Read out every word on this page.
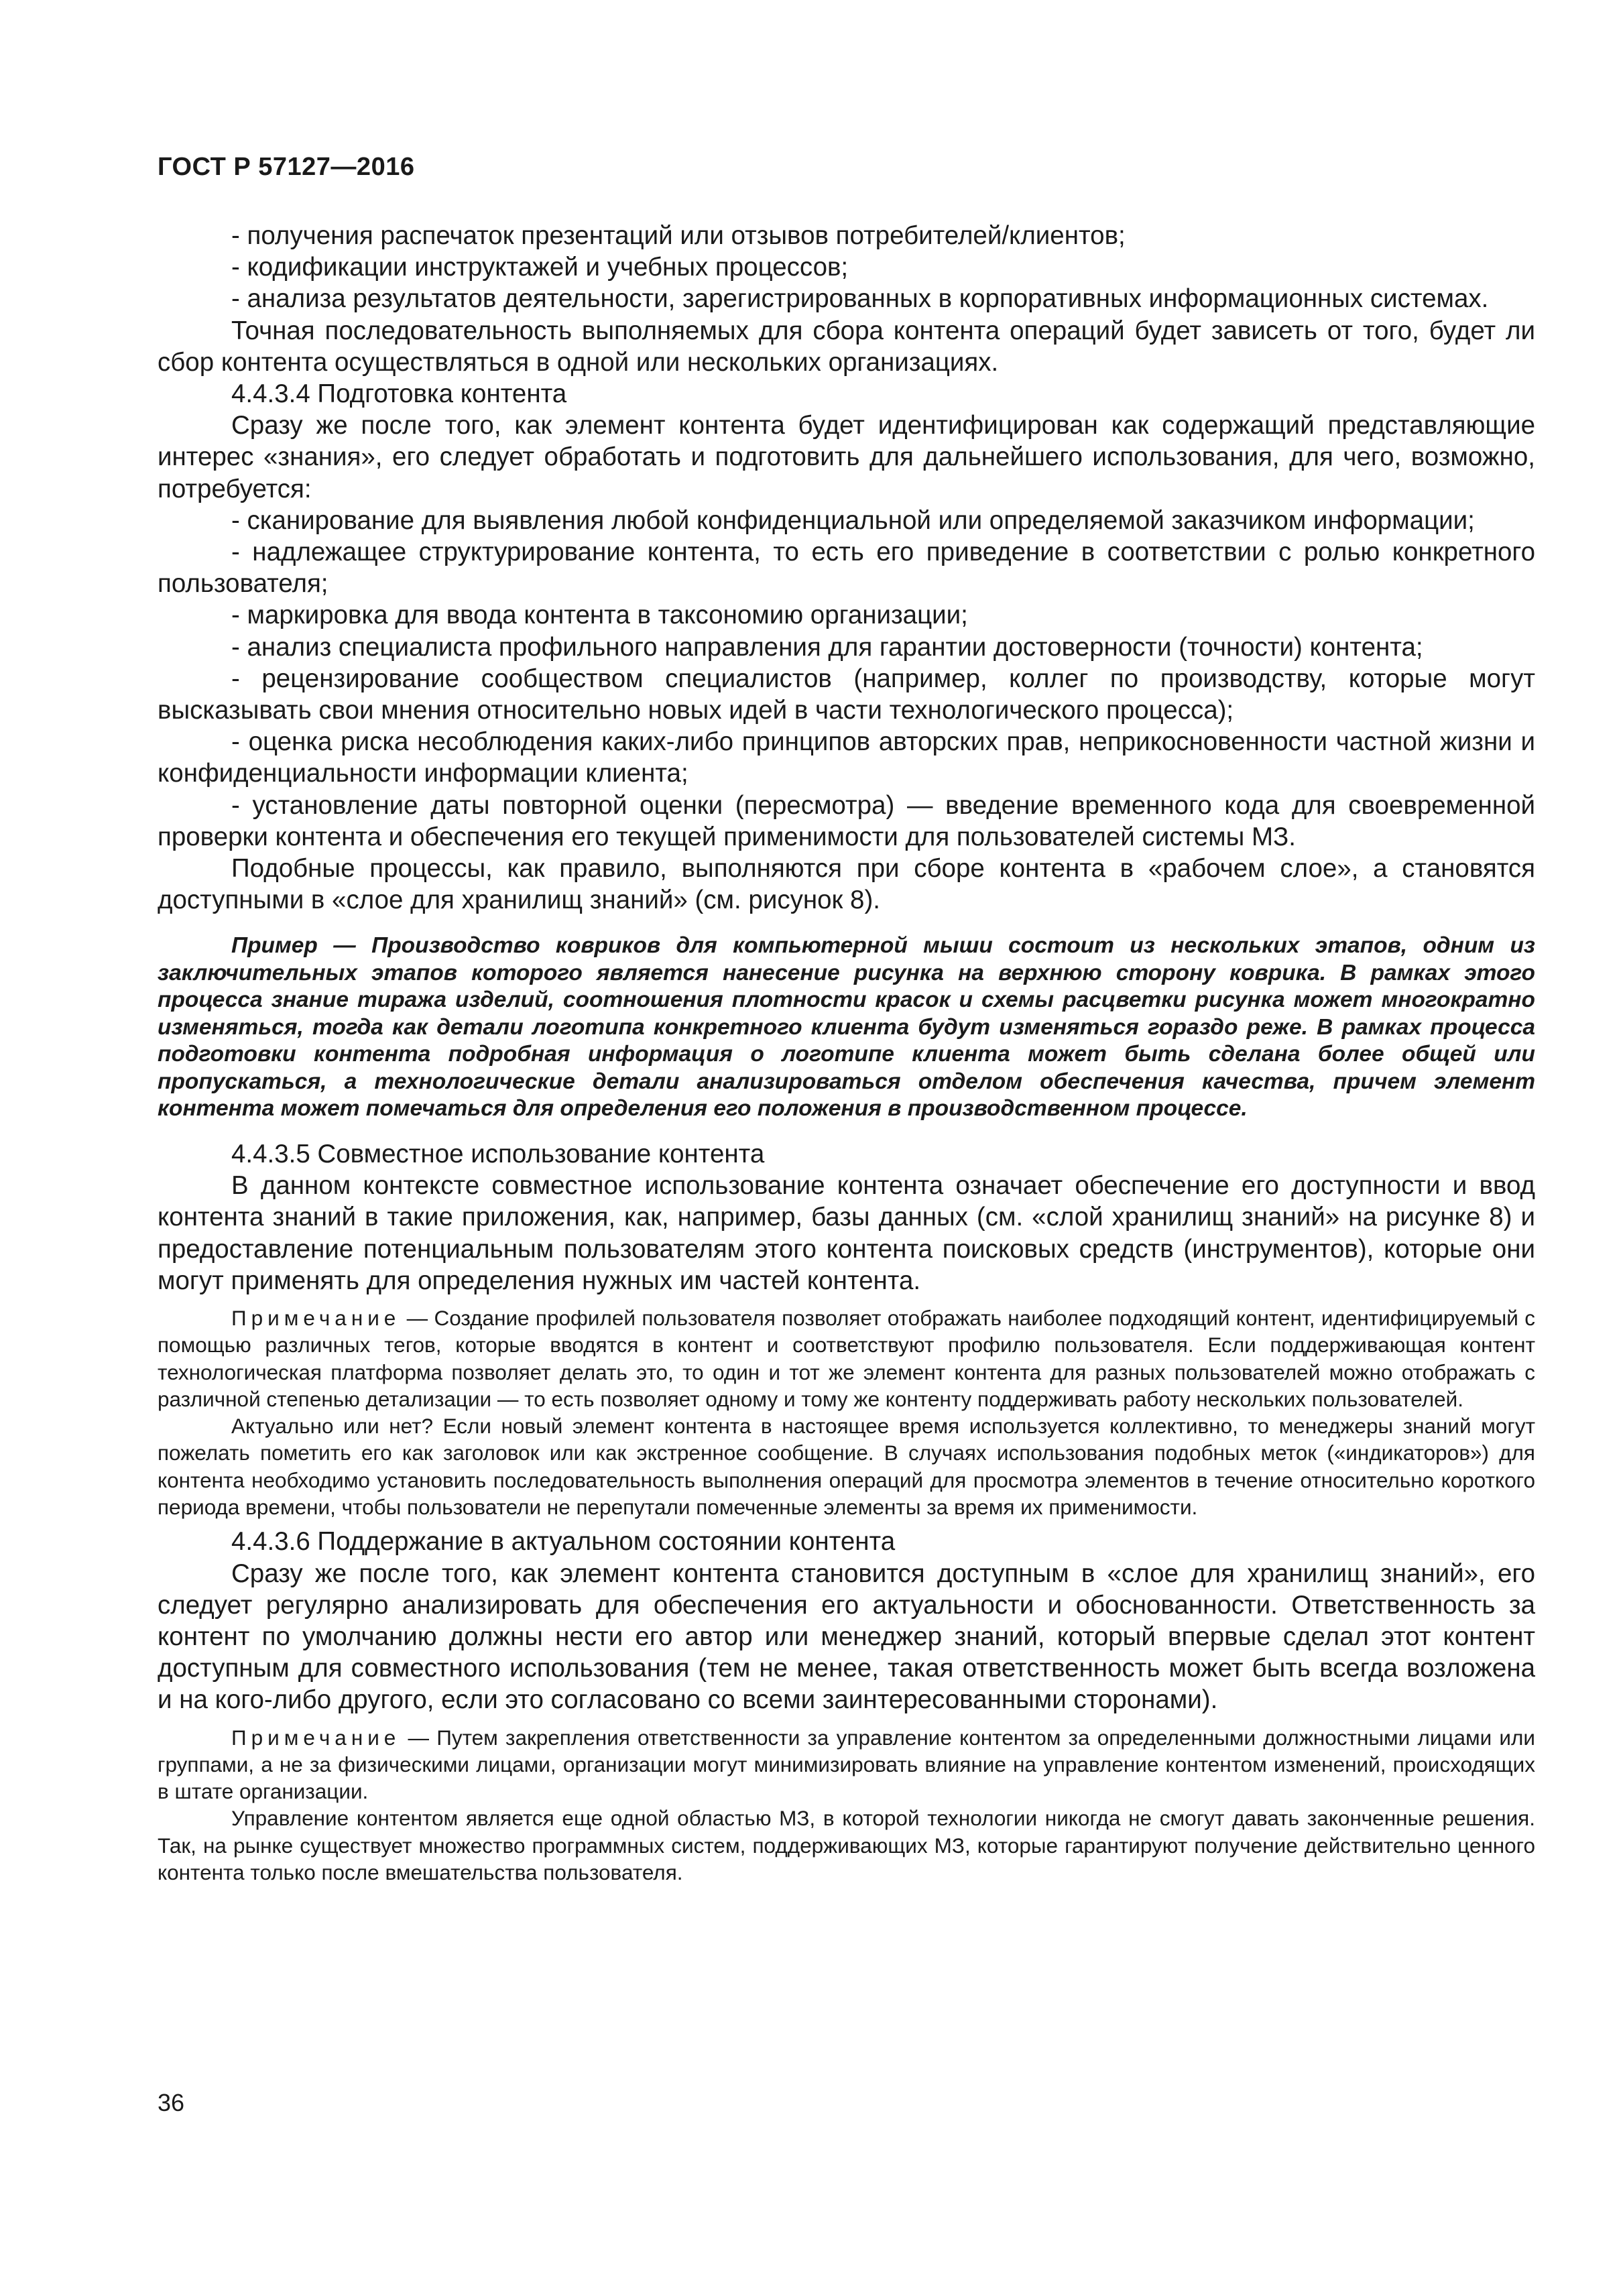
ГОСТ Р 57127—2016

- получения распечаток презентаций или отзывов потребителей/клиентов;

- кодификации инструктажей и учебных процессов;

- анализа результатов деятельности, зарегистрированных в корпоративных информационных системах.

Точная последовательность выполняемых для сбора контента операций будет зависеть от того, будет ли сбор контента осуществляться в одной или нескольких организациях.

4.4.3.4 Подготовка контента

Сразу же после того, как элемент контента будет идентифицирован как содержащий представляющие интерес «знания», его следует обработать и подготовить для дальнейшего использования, для чего, возможно, потребуется:

- сканирование для выявления любой конфиденциальной или определяемой заказчиком информации;

- надлежащее структурирование контента, то есть его приведение в соответствии с ролью конкретного пользователя;

- маркировка для ввода контента в таксономию организации;

- анализ специалиста профильного направления для гарантии достоверности (точности) контента;

- рецензирование сообществом специалистов (например, коллег по производству, которые могут высказывать свои мнения относительно новых идей в части технологического процесса);

- оценка риска несоблюдения каких-либо принципов авторских прав, неприкосновенности частной жизни и конфиденциальности информации клиента;

- установление даты повторной оценки (пересмотра) — введение временного кода для своевременной проверки контента и обеспечения его текущей применимости для пользователей системы МЗ.

Подобные процессы, как правило, выполняются при сборе контента в «рабочем слое», а становятся доступными в «слое для хранилищ знаний» (см. рисунок 8).

Пример — Производство ковриков для компьютерной мыши состоит из нескольких этапов, одним из заключительных этапов которого является нанесение рисунка на верхнюю сторону коврика. В рамках этого процесса знание тиража изделий, соотношения плотности красок и схемы расцветки рисунка может многократно изменяться, тогда как детали логотипа конкретного клиента будут изменяться гораздо реже. В рамках процесса подготовки контента подробная информация о логотипе клиента может быть сделана более общей или пропускаться, а технологические детали анализироваться отделом обеспечения качества, причем элемент контента может помечаться для определения его положения в производственном процессе.

4.4.3.5 Совместное использование контента

В данном контексте совместное использование контента означает обеспечение его доступности и ввод контента знаний в такие приложения, как, например, базы данных (см. «слой хранилищ знаний» на рисунке 8) и предоставление потенциальным пользователям этого контента поисковых средств (инструментов), которые они могут применять для определения нужных им частей контента.

Примечание — Создание профилей пользователя позволяет отображать наиболее подходящий контент, идентифицируемый с помощью различных тегов, которые вводятся в контент и соответствуют профилю пользователя. Если поддерживающая контент технологическая платформа позволяет делать это, то один и тот же элемент контента для разных пользователей можно отображать с различной степенью детализации — то есть позволяет одному и тому же контенту поддерживать работу нескольких пользователей.

Актуально или нет? Если новый элемент контента в настоящее время используется коллективно, то менеджеры знаний могут пожелать пометить его как заголовок или как экстренное сообщение. В случаях использования подобных меток («индикаторов») для контента необходимо установить последовательность выполнения операций для просмотра элементов в течение относительно короткого периода времени, чтобы пользователи не перепутали помеченные элементы за время их применимости.

4.4.3.6 Поддержание в актуальном состоянии контента

Сразу же после того, как элемент контента становится доступным в «слое для хранилищ знаний», его следует регулярно анализировать для обеспечения его актуальности и обоснованности. Ответственность за контент по умолчанию должны нести его автор или менеджер знаний, который впервые сделал этот контент доступным для совместного использования (тем не менее, такая ответственность может быть всегда возложена и на кого-либо другого, если это согласовано со всеми заинтересованными сторонами).

Примечание — Путем закрепления ответственности за управление контентом за определенными должностными лицами или группами, а не за физическими лицами, организации могут минимизировать влияние на управление контентом изменений, происходящих в штате организации.

Управление контентом является еще одной областью МЗ, в которой технологии никогда не смогут давать законченные решения. Так, на рынке существует множество программных систем, поддерживающих МЗ, которые гарантируют получение действительно ценного контента только после вмешательства пользователя.

36
